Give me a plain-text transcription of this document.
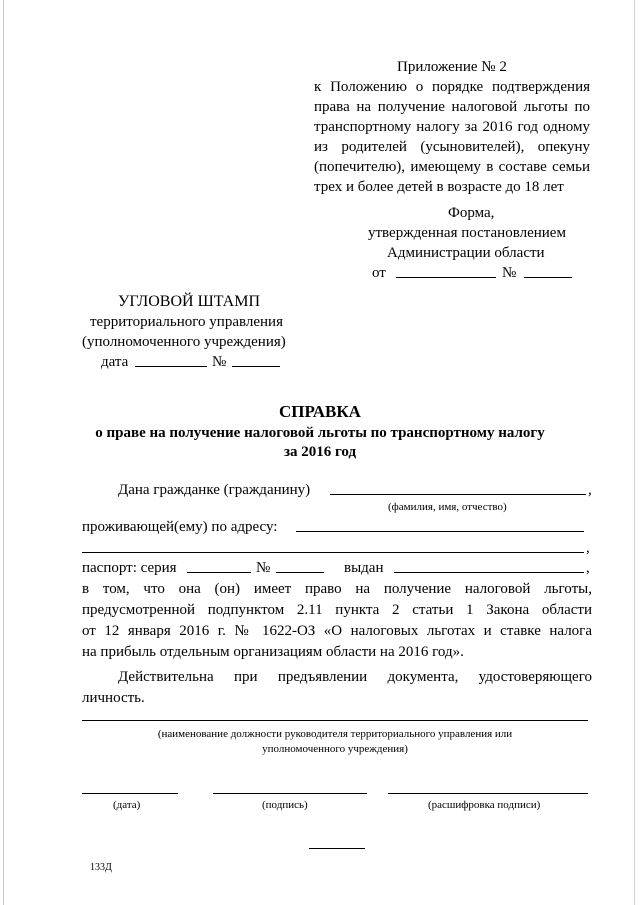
Приложение № 2
к Положению о порядке подтверждения
права на получение налоговой льготы по
транспортному налогу за 2016 год одному
из родителей (усыновителей), опекуну
(попечителю), имеющему в составе семьи
трех и более детей в возрасте до 18 лет
Форма,
утвержденная постановлением
Администрации области
от	№
УГЛОВОЙ ШТАМП
территориального управления
(уполномоченного учреждения)
дата	№
СПРАВКА
о праве на получение налоговой льготы по транспортному налогу
за 2016 год
Дана гражданке (гражданину)	,
(фамилия, имя, отчество)
проживающей(ему) по адресу:
,
паспорт: серия	№	выдан	,
в том, что она (он) имеет право на получение налоговой льготы,
предусмотренной подпунктом 2.11 пункта 2 статьи 1 Закона области
от 12 января 2016 г. № 1622-ОЗ «О налоговых льготах и ставке налога
на прибыль отдельным организациям области на 2016 год».
Действительна при предъявлении документа, удостоверяющего
личность.
(наименование должности руководителя территориального управления или
уполномоченного учреждения)
(дата)	(подпись)	(расшифровка подписи)
133Д
